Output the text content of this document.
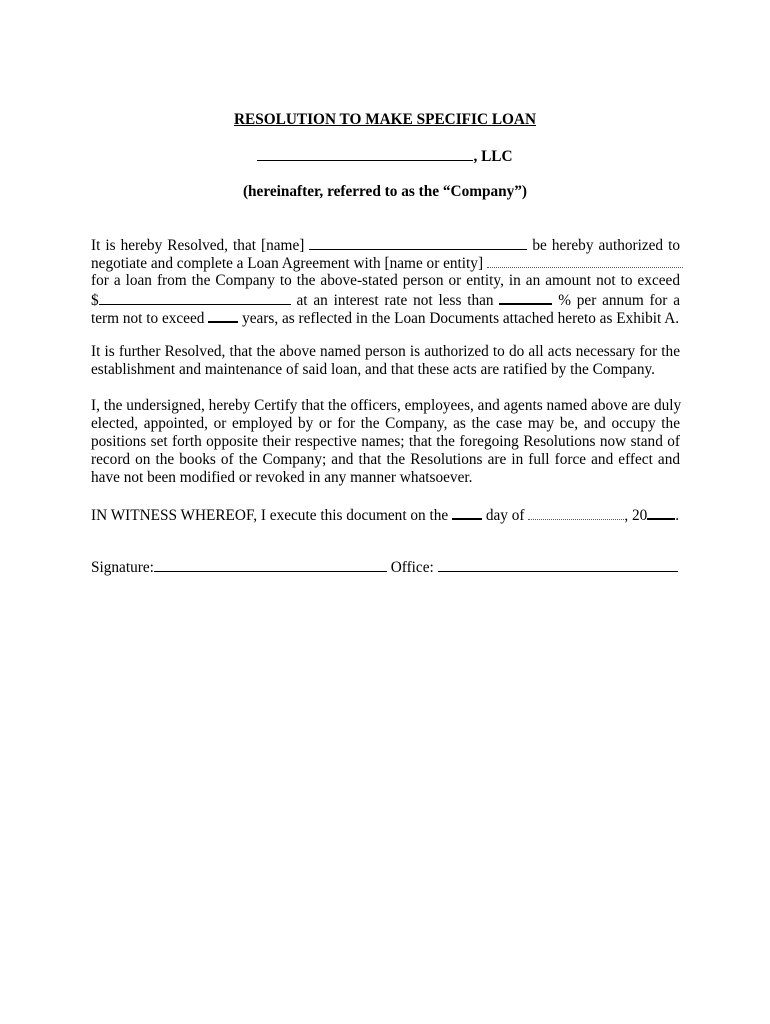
RESOLUTION TO MAKE SPECIFIC LOAN
, LLC
(hereinafter, referred to as the “Company”)
It is hereby Resolved, that [name]	be hereby authorized to
negotiate and complete a Loan Agreement with [name or entity]
for a loan from the Company to the above-stated person or entity, in an amount not to exceed
$	at an interest rate not less than	% per annum for a
term not to exceed years, as reflected in the Loan Documents attached hereto as Exhibit A.
It is further Resolved, that the above named person is authorized to do all acts necessary for the
establishment and maintenance of said loan, and that these acts are ratified by the Company.
I, the undersigned, hereby Certify that the officers, employees, and agents named above are duly
elected, appointed, or employed by or for the Company, as the case may be, and occupy the
positions set forth opposite their respective names; that the foregoing Resolutions now stand of
record on the books of the Company; and that the Resolutions are in full force and effect and
have not been modified or revoked in any manner whatsoever.
IN WITNESS WHEREOF, I execute this document on the day of	, 20 .
Signature:	Office:
